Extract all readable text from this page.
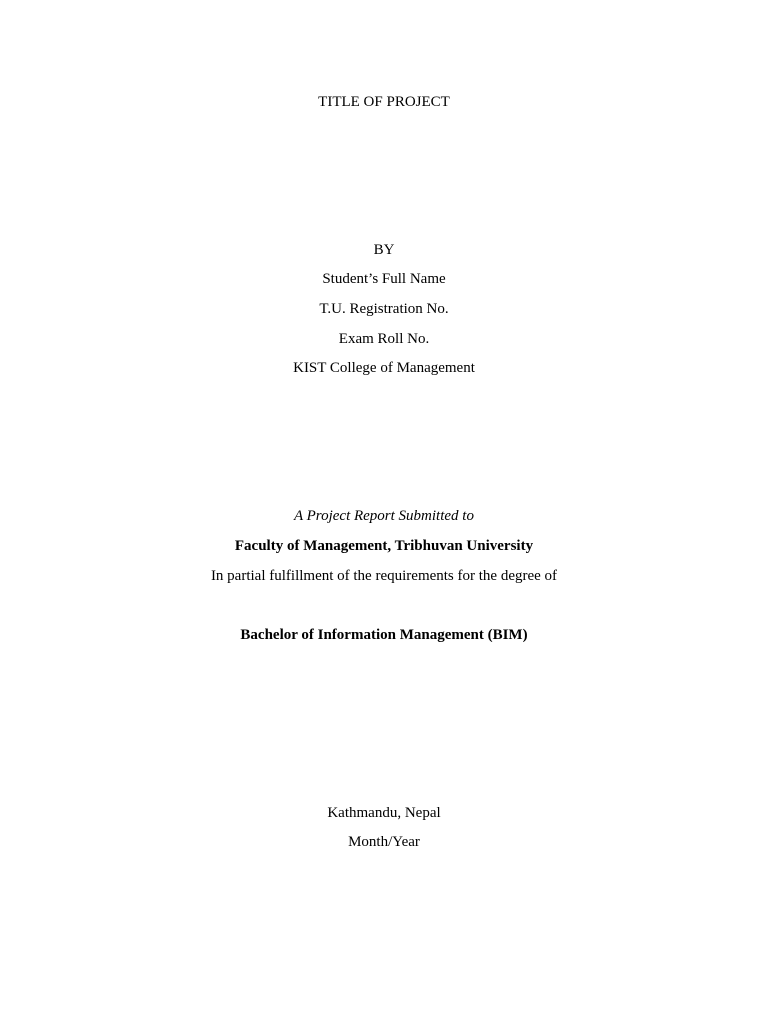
TITLE OF PROJECT
BY
Student’s Full Name
T.U. Registration No.
Exam Roll No.
KIST College of Management
A Project Report Submitted to
Faculty of Management, Tribhuvan University
In partial fulfillment of the requirements for the degree of
Bachelor of Information Management (BIM)
Kathmandu, Nepal
Month/Year
